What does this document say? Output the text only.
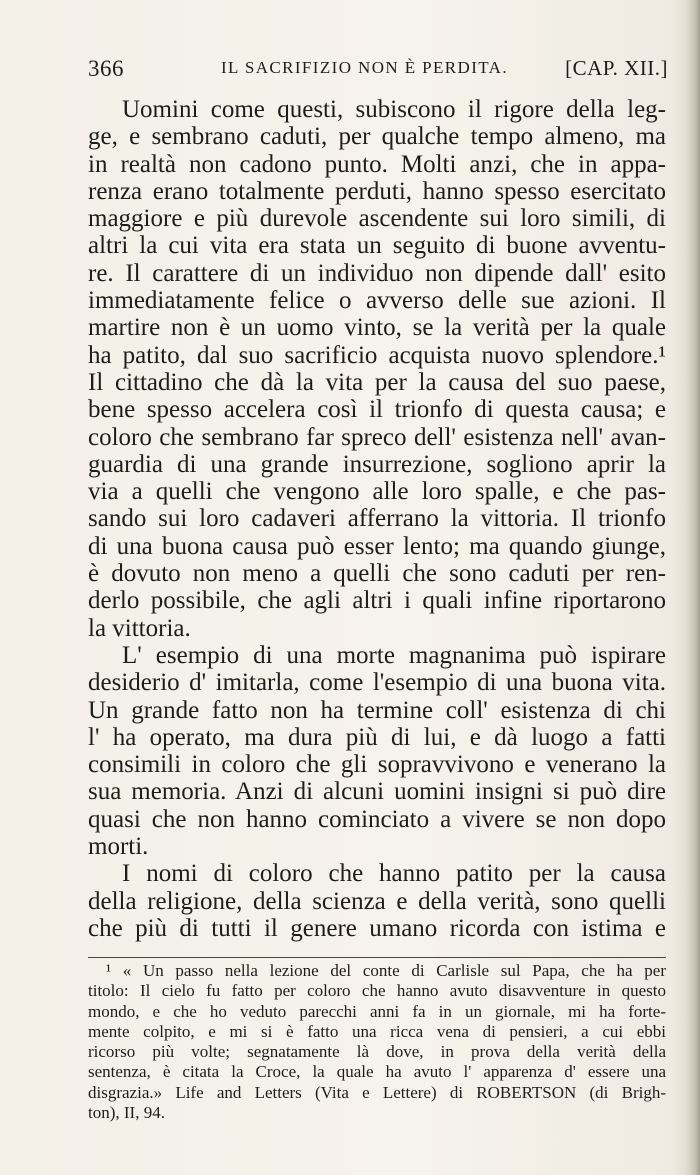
366	IL SACRIFIZIO NON È PERDITA.	[CAP. XII.]
Uomini come questi, subiscono il rigore della leg-
ge, e sembrano caduti, per qualche tempo almeno, ma
in realtà non cadono punto. Molti anzi, che in appa-
renza erano totalmente perduti, hanno spesso esercitato
maggiore e più durevole ascendente sui loro simili, di
altri la cui vita era stata un seguito di buone avventu-
re. Il carattere di un individuo non dipende dall' esito
immediatamente felice o avverso delle sue azioni. Il
martire non è un uomo vinto, se la verità per la quale
ha patito, dal suo sacrificio acquista nuovo splendore.¹
Il cittadino che dà la vita per la causa del suo paese,
bene spesso accelera così il trionfo di questa causa; e
coloro che sembrano far spreco dell' esistenza nell' avan-
guardia di una grande insurrezione, sogliono aprir la
via a quelli che vengono alle loro spalle, e che pas-
sando sui loro cadaveri afferrano la vittoria. Il trionfo
di una buona causa può esser lento; ma quando giunge,
è dovuto non meno a quelli che sono caduti per ren-
derlo possibile, che agli altri i quali infine riportarono
la vittoria.
L' esempio di una morte magnanima può ispirare
desiderio d' imitarla, come l'esempio di una buona vita.
Un grande fatto non ha termine coll' esistenza di chi
l' ha operato, ma dura più di lui, e dà luogo a fatti
consimili in coloro che gli sopravvivono e venerano la
sua memoria. Anzi di alcuni uomini insigni si può dire
quasi che non hanno cominciato a vivere se non dopo
morti.
I nomi di coloro che hanno patito per la causa
della religione, della scienza e della verità, sono quelli
che più di tutti il genere umano ricorda con istima e
¹ « Un passo nella lezione del conte di Carlisle sul Papa, che ha per
titolo: Il cielo fu fatto per coloro che hanno avuto disavventure in questo
mondo, e che ho veduto parecchi anni fa in un giornale, mi ha forte-
mente colpito, e mi si è fatto una ricca vena di pensieri, a cui ebbi
ricorso più volte; segnatamente là dove, in prova della verità della
sentenza, è citata la Croce, la quale ha avuto l' apparenza d' essere una
disgrazia.» Life and Letters (Vita e Lettere) di ROBERTSON (di Brigh-
ton), II, 94.
